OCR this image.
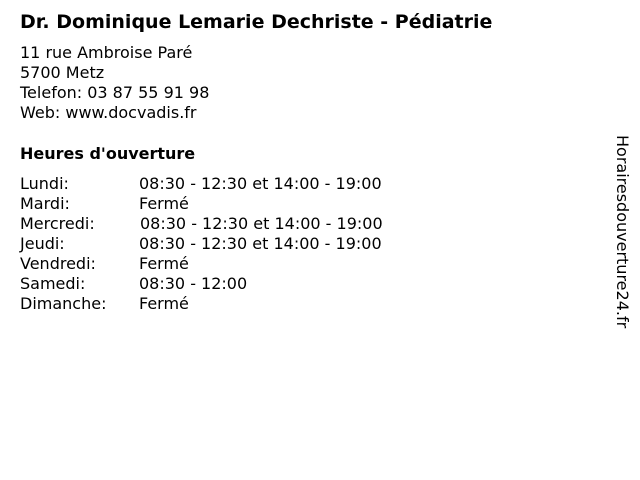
Dr. Dominique Lemarie Dechriste - Pédiatrie
11 rue Ambroise Paré
5700 Metz
Telefon: 03 87 55 91 98
Web: www.docvadis.fr
Heures d'ouverture
Lundi:	08:30 - 12:30 et 14:00 - 19:00
Mardi:	Fermé
Mercredi:	08:30 - 12:30 et 14:00 - 19:00
Jeudi:	08:30 - 12:30 et 14:00 - 19:00
Vendredi:	Fermé
Samedi:	08:30 - 12:00
Dimanche: Fermé	Horairesdouverture24.fr
